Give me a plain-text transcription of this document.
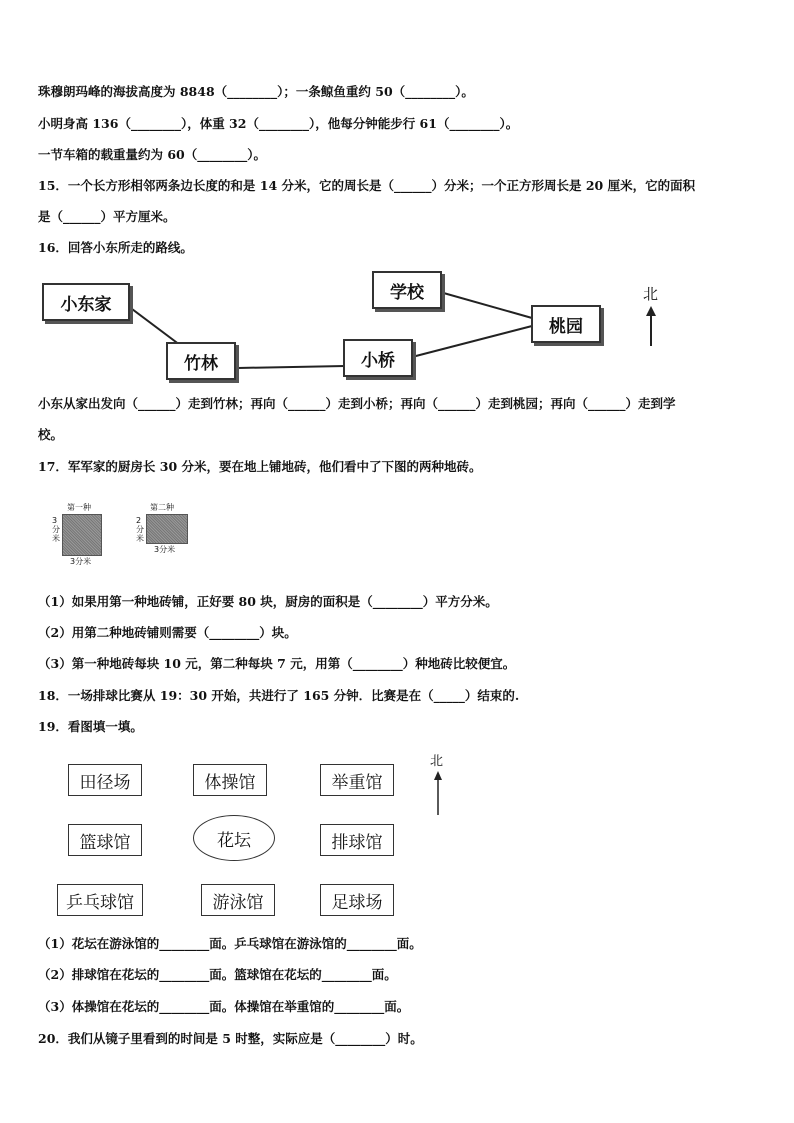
珠穆朗玛峰的海拔高度为 8848（________）；一条鲸鱼重约 50（________）。
小明身高 136（________），体重 32（________），他每分钟能步行 61（________）。
一节车箱的载重量约为 60（________）。
15．一个长方形相邻两条边长度的和是 14 分米，它的周长是（______）分米；一个正方形周长是 20 厘米，它的面积
是（______）平方厘米。
16．回答小东所走的路线。
小东家
竹林	小桥
学校
桃园
北
小东从家出发向（______）走到竹林；再向（______）走到小桥；再向（______）走到桃园；再向（______）走到学
校。
17．军军家的厨房长 30 分米，要在地上铺地砖，他们看中了下图的两种地砖。
第一种
3
分
米
3分米
第二种
2
分
米
3分米
（1）如果用第一种地砖铺，正好要 80 块，厨房的面积是（________）平方分米。
（2）用第二种地砖铺则需要（________）块。
（3）第一种地砖每块 10 元，第二种每块 7 元，用第（________）种地砖比较便宜。
18．一场排球比赛从 19：30 开始，共进行了 165 分钟．比赛是在（_____）结束的.
19．看图填一填。
田径场	体操馆	举重馆
篮球馆	花坛	排球馆
乒乓球馆	游泳馆	足球场
北
（1）花坛在游泳馆的________面。乒乓球馆在游泳馆的________面。
（2）排球馆在花坛的________面。篮球馆在花坛的________面。
（3）体操馆在花坛的________面。体操馆在举重馆的________面。
20．我们从镜子里看到的时间是 5 时整，实际应是（________）时。
